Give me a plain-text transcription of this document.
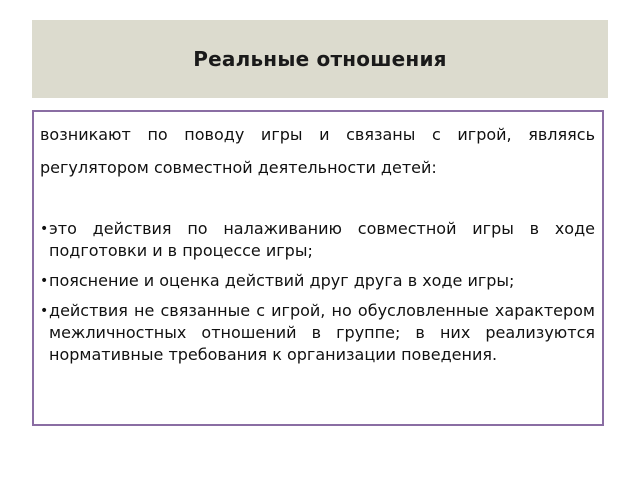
Реальные отношения

возникают по поводу игры и связаны с игрой, являясь регулятором совместной деятельности детей:

• это действия по налаживанию совместной игры в ходе подготовки и в процессе игры;
• пояснение и оценка действий друг друга в ходе игры;
• действия не связанные с игрой, но обусловленные характером межличностных отношений в группе; в них реализуются нормативные требования к организации поведения.
